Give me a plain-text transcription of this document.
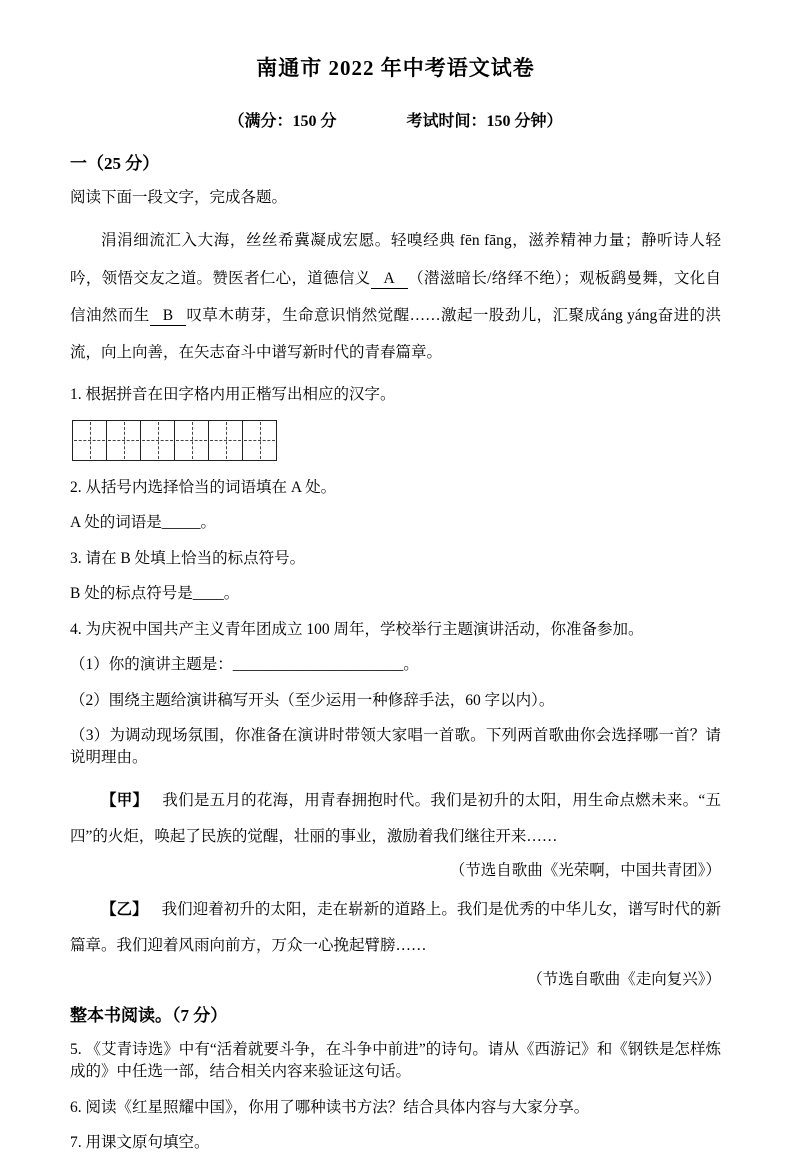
南通市 2022 年中考语文试卷
（满分：150 分	考试时间：150 分钟）
一（25 分）

阅读下面一段文字，完成各题。

涓涓细流汇入大海，丝丝希冀凝成宏愿。轻嗅经典 fēn fāng，滋养精神力量；静听诗人轻吟，领悟交友之道。赞医者仁心，道德信义 A （潜滋暗长/络绎不绝）；观板鹞曼舞，文化自信油然而生 B 叹草木萌芽，生命意识悄然觉醒……激起一股劲儿，汇聚成áng yáng奋进的洪流，向上向善，在矢志奋斗中谱写新时代的青春篇章。

1. 根据拼音在田字格内用正楷写出相应的汉字。

2. 从括号内选择恰当的词语填在 A 处。

A 处的词语是_____。

3. 请在 B 处填上恰当的标点符号。

B 处的标点符号是____。

4. 为庆祝中国共产主义青年团成立 100 周年，学校举行主题演讲活动，你准备参加。

（1）你的演讲主题是：______________________。

（2）围绕主题给演讲稿写开头（至少运用一种修辞手法，60 字以内）。

（3）为调动现场氛围，你准备在演讲时带领大家唱一首歌。下列两首歌曲你会选择哪一首？请说明理由。

【甲】 我们是五月的花海，用青春拥抱时代。我们是初升的太阳，用生命点燃未来。“五四”的火炬，唤起了民族的觉醒，壮丽的事业，激励着我们继往开来……

（节选自歌曲《光荣啊，中国共青团》）

【乙】 我们迎着初升的太阳，走在崭新的道路上。我们是优秀的中华儿女，谱写时代的新篇章。我们迎着风雨向前方，万众一心挽起臂膀……

（节选自歌曲《走向复兴》）

整本书阅读。（7 分）

5. 《艾青诗选》中有“活着就要斗争，在斗争中前进”的诗句。请从《西游记》和《钢铁是怎样炼成的》中任选一部，结合相关内容来验证这句话。

6. 阅读《红星照耀中国》，你用了哪种读书方法？结合具体内容与大家分享。

7. 用课文原句填空。
